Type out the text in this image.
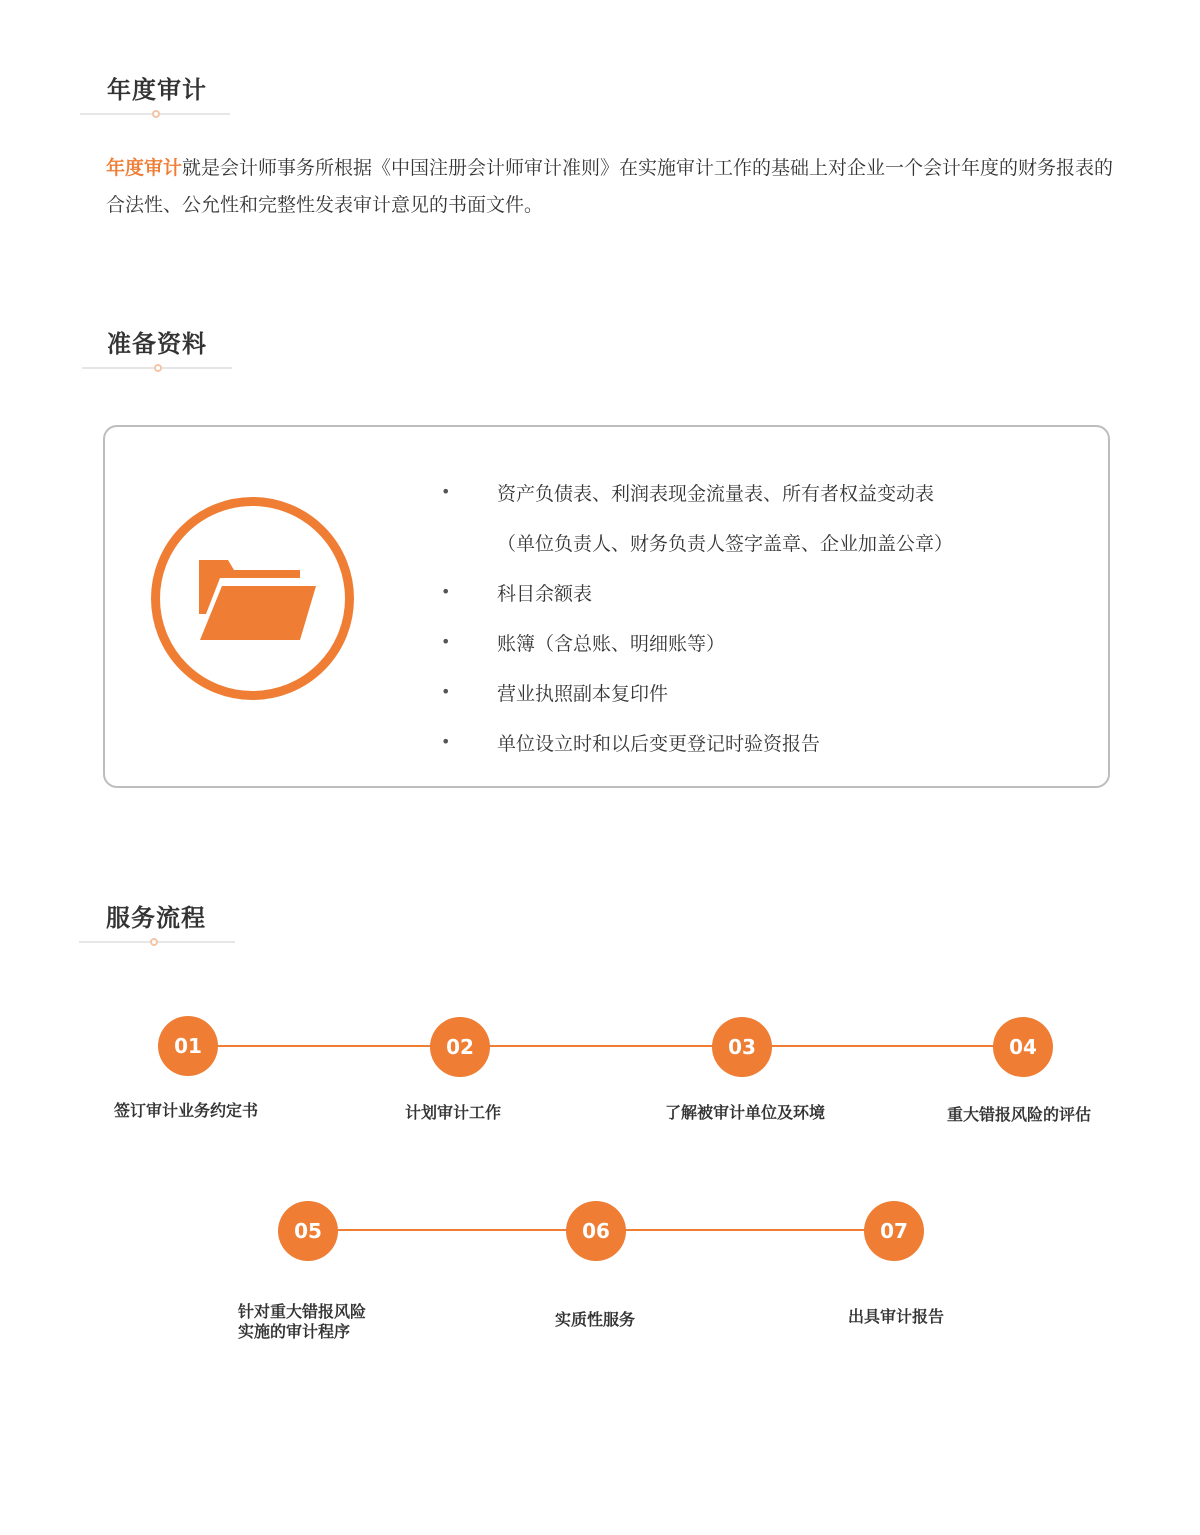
年度审计

年度审计就是会计师事务所根据《中国注册会计师审计准则》在实施审计工作的基础上对企业一个会计年度的财务报表的合法性、公允性和完整性发表审计意见的书面文件。

准备资料
• 资产负债表、利润表现金流量表、所有者权益变动表
（单位负责人、财务负责人签字盖章、企业加盖公章）
• 科目余额表
• 账簿（含总账、明细账等）
• 营业执照副本复印件
• 单位设立时和以后变更登记时验资报告
服务流程
01	02	03	04
05	06	07
签订审计业务约定书	计划审计工作	了解被审计单位及环境	重大错报风险的评估
针对重大错报风险
实施的审计程序
实质性服务	出具审计报告
